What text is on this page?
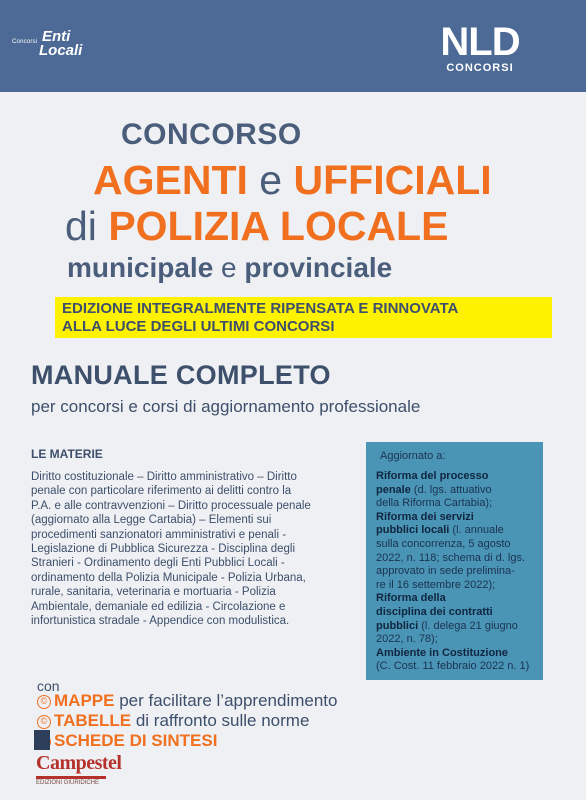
Concorsi Enti
Locali	NLD
CONCORSI
CONCORSO
AGENTI e UFFICIALI
di POLIZIA LOCALE
municipale e provinciale
EDIZIONE INTEGRALMENTE RIPENSATA E RINNOVATA
ALLA LUCE DEGLI ULTIMI CONCORSI
MANUALE COMPLETO
per concorsi e corsi di aggiornamento professionale
LE MATERIE
Diritto costituzionale – Diritto amministrativo – Diritto
penale con particolare riferimento ai delitti contro la
P.A. e alle contravvenzioni – Diritto processuale penale
(aggiornato alla Legge Cartabia) – Elementi sui
procedimenti sanzionatori amministrativi e penali -
Legislazione di Pubblica Sicurezza - Disciplina degli
Stranieri - Ordinamento degli Enti Pubblici Locali -
ordinamento della Polizia Municipale - Polizia Urbana,
rurale, sanitaria, veterinaria e mortuaria - Polizia
Ambientale, demaniale ed edilizia - Circolazione e
infortunistica stradale - Appendice con modulistica.
Aggiornato a:
Riforma del processo
penale (d. lgs. attuativo
della Riforma Cartabia);
Riforma dei servizi
pubblici locali (l. annuale
sulla concorrenza, 5 agosto
2022, n. 118; schema di d. lgs.
approvato in sede prelimina-
re il 16 settembre 2022);
Riforma della
disciplina dei contratti
pubblici (l. delega 21 giugno
2022, n. 78);
Ambiente in Costituzione
(C. Cost. 11 febbraio 2022 n. 1)
con
© MAPPE per facilitare l’apprendimento
© TABELLE di raffronto sulle norme
SCHEDE DI SINTESI
Campestel
EDIZIONI GIURIDICHE
